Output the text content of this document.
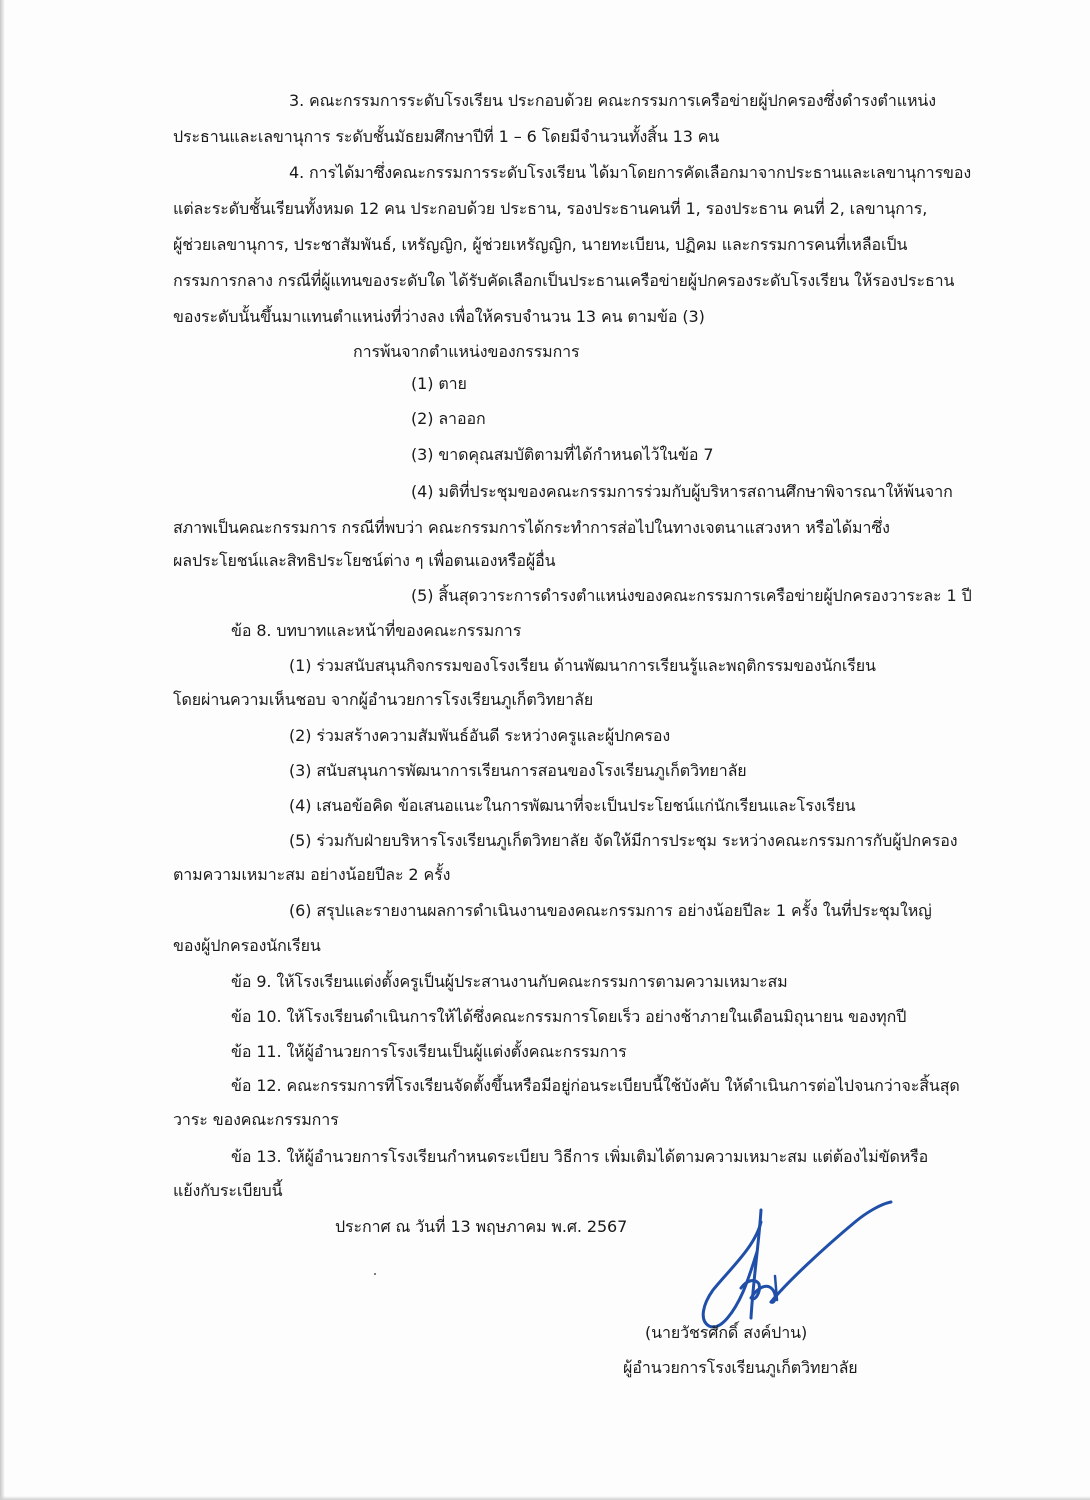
3. คณะกรรมการระดับโรงเรียน ประกอบด้วย คณะกรรมการเครือข่ายผู้ปกครองซึ่งดำรงตำแหน่ง
ประธานและเลขานุการ ระดับชั้นมัธยมศึกษาปีที่ 1 – 6 โดยมีจำนวนทั้งสิ้น 13 คน
4. การได้มาซึ่งคณะกรรมการระดับโรงเรียน ได้มาโดยการคัดเลือกมาจากประธานและเลขานุการของ
แต่ละระดับชั้นเรียนทั้งหมด 12 คน ประกอบด้วย ประธาน, รองประธานคนที่ 1, รองประธาน คนที่ 2, เลขานุการ,
ผู้ช่วยเลขานุการ, ประชาสัมพันธ์, เหรัญญิก, ผู้ช่วยเหรัญญิก, นายทะเบียน, ปฏิคม และกรรมการคนที่เหลือเป็น
กรรมการกลาง กรณีที่ผู้แทนของระดับใด ได้รับคัดเลือกเป็นประธานเครือข่ายผู้ปกครองระดับโรงเรียน ให้รองประธาน
ของระดับนั้นขึ้นมาแทนตำแหน่งที่ว่างลง เพื่อให้ครบจำนวน 13 คน ตามข้อ (3)
การพ้นจากตำแหน่งของกรรมการ
(1) ตาย
(2) ลาออก
(3) ขาดคุณสมบัติตามที่ได้กำหนดไว้ในข้อ 7
(4) มติที่ประชุมของคณะกรรมการร่วมกับผู้บริหารสถานศึกษาพิจารณาให้พ้นจาก
สภาพเป็นคณะกรรมการ กรณีที่พบว่า คณะกรรมการได้กระทำการส่อไปในทางเจตนาแสวงหา หรือได้มาซึ่ง
ผลประโยชน์และสิทธิประโยชน์ต่าง ๆ เพื่อตนเองหรือผู้อื่น
(5) สิ้นสุดวาระการดำรงตำแหน่งของคณะกรรมการเครือข่ายผู้ปกครองวาระละ 1 ปี
ข้อ 8. บทบาทและหน้าที่ของคณะกรรมการ
(1) ร่วมสนับสนุนกิจกรรมของโรงเรียน ด้านพัฒนาการเรียนรู้และพฤติกรรมของนักเรียน
โดยผ่านความเห็นชอบ จากผู้อำนวยการโรงเรียนภูเก็ตวิทยาลัย
(2) ร่วมสร้างความสัมพันธ์อันดี ระหว่างครูและผู้ปกครอง
(3) สนับสนุนการพัฒนาการเรียนการสอนของโรงเรียนภูเก็ตวิทยาลัย
(4) เสนอข้อคิด ข้อเสนอแนะในการพัฒนาที่จะเป็นประโยชน์แก่นักเรียนและโรงเรียน
(5) ร่วมกับฝ่ายบริหารโรงเรียนภูเก็ตวิทยาลัย จัดให้มีการประชุม ระหว่างคณะกรรมการกับผู้ปกครอง
ตามความเหมาะสม อย่างน้อยปีละ 2 ครั้ง
(6) สรุปและรายงานผลการดำเนินงานของคณะกรรมการ อย่างน้อยปีละ 1 ครั้ง ในที่ประชุมใหญ่
ของผู้ปกครองนักเรียน
ข้อ 9. ให้โรงเรียนแต่งตั้งครูเป็นผู้ประสานงานกับคณะกรรมการตามความเหมาะสม
ข้อ 10. ให้โรงเรียนดำเนินการให้ได้ซึ่งคณะกรรมการโดยเร็ว อย่างช้าภายในเดือนมิถุนายน ของทุกปี
ข้อ 11. ให้ผู้อำนวยการโรงเรียนเป็นผู้แต่งตั้งคณะกรรมการ
ข้อ 12. คณะกรรมการที่โรงเรียนจัดตั้งขึ้นหรือมีอยู่ก่อนระเบียบนี้ใช้บังคับ ให้ดำเนินการต่อไปจนกว่าจะสิ้นสุด
วาระ ของคณะกรรมการ
ข้อ 13. ให้ผู้อำนวยการโรงเรียนกำหนดระเบียบ วิธีการ เพิ่มเติมได้ตามความเหมาะสม แต่ต้องไม่ขัดหรือ
แย้งกับระเบียบนี้
ประกาศ ณ วันที่ 13 พฤษภาคม พ.ศ. 2567
(นายวัชรศักดิ์ สงค์ปาน)
ผู้อำนวยการโรงเรียนภูเก็ตวิทยาลัย
